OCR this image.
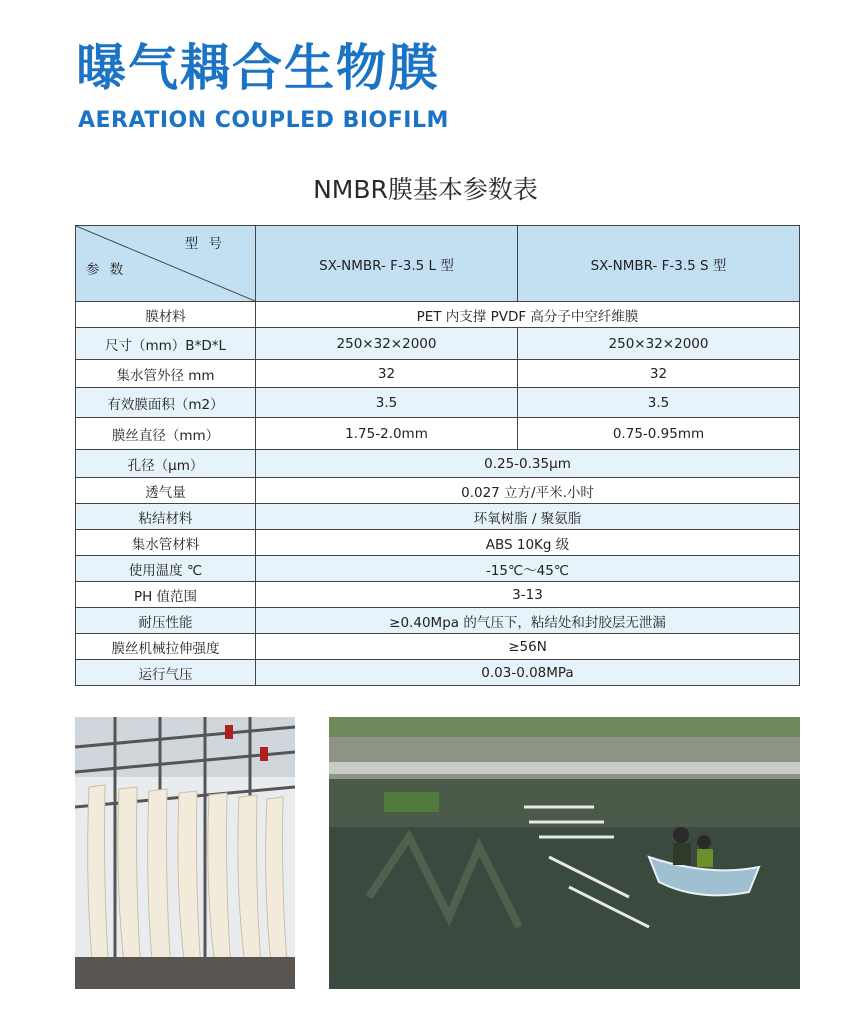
曝气耦合生物膜
AERATION COUPLED BIOFILM
NMBR膜基本参数表
型 号
参 数	SX-NMBR- F-3.5 L 型	SX-NMBR- F-3.5 S 型
膜材料	PET 内支撑 PVDF 高分子中空纤维膜	
尺寸（mm）B*D*L	250×32×2000	250×32×2000
集水管外径 mm	32	32
有效膜面积（m2）	3.5	3.5
膜丝直径（mm）	1.75-2.0mm	0.75-0.95mm
孔径（μm）	0.25-0.35μm	
透气量	0.027 立方/平米.小时	
粘结材料	环氧树脂 / 聚氨脂	
集水管材料	ABS 10Kg 级	
使用温度 ℃	-15℃～45℃	
PH 值范围	3-13	
耐压性能	≥0.40Mpa 的气压下，粘结处和封胶层无泄漏	
膜丝机械拉伸强度	≥56N	
运行气压	0.03-0.08MPa	
